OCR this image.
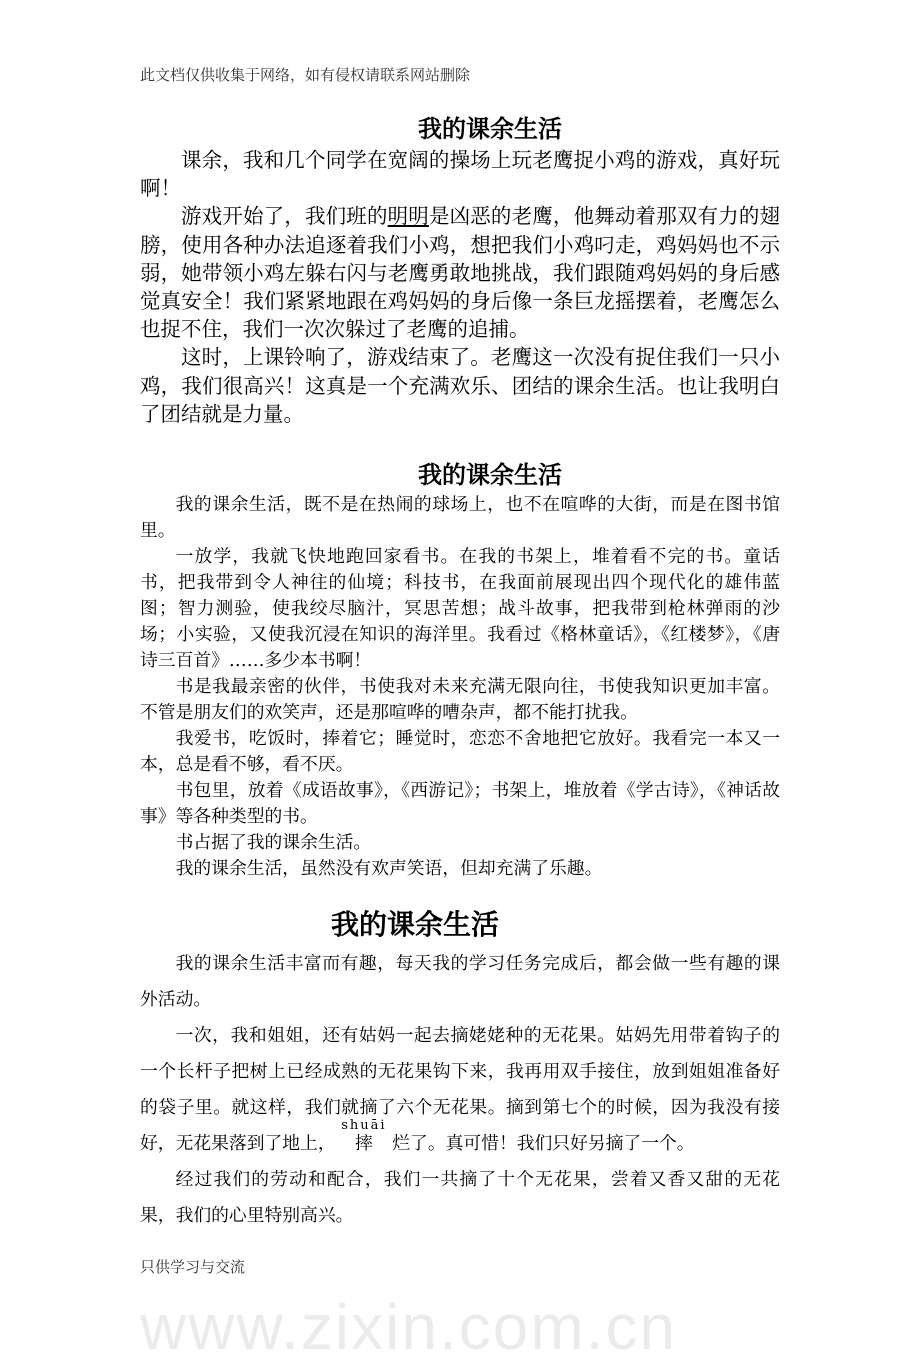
此文档仅供收集于网络，如有侵权请联系网站删除
我的课余生活

课余，我和几个同学在宽阔的操场上玩老鹰捉小鸡的游戏，真好玩啊！

游戏开始了，我们班的明明是凶恶的老鹰，他舞动着那双有力的翅膀，使用各种办法追逐着我们小鸡，想把我们小鸡叼走，鸡妈妈也不示弱，她带领小鸡左躲右闪与老鹰勇敢地挑战，我们跟随鸡妈妈的身后感觉真安全！我们紧紧地跟在鸡妈妈的身后像一条巨龙摇摆着，老鹰怎么也捉不住，我们一次次躲过了老鹰的追捕。

这时，上课铃响了，游戏结束了。老鹰这一次没有捉住我们一只小鸡，我们很高兴！这真是一个充满欢乐、团结的课余生活。也让我明白了团结就是力量。

我的课余生活

我的课余生活，既不是在热闹的球场上，也不在喧哗的大街，而是在图书馆里。

一放学，我就飞快地跑回家看书。在我的书架上，堆着看不完的书。童话书，把我带到令人神往的仙境；科技书，在我面前展现出四个现代化的雄伟蓝图；智力测验，使我绞尽脑汁，冥思苦想；战斗故事，把我带到枪林弹雨的沙场；小实验，又使我沉浸在知识的海洋里。我看过《格林童话》，《红楼梦》，《唐诗三百首》……多少本书啊！

书是我最亲密的伙伴，书使我对未来充满无限向往，书使我知识更加丰富。不管是朋友们的欢笑声，还是那喧哗的嘈杂声，都不能打扰我。

我爱书，吃饭时，捧着它；睡觉时，恋恋不舍地把它放好。我看完一本又一本，总是看不够，看不厌。

书包里，放着《成语故事》，《西游记》；书架上，堆放着《学古诗》，《神话故事》等各种类型的书。

书占据了我的课余生活。

我的课余生活，虽然没有欢声笑语，但却充满了乐趣。

我的课余生活

我的课余生活丰富而有趣，每天我的学习任务完成后，都会做一些有趣的课外活动。

一次，我和姐姐，还有姑妈一起去摘姥姥种的无花果。姑妈先用带着钩子的一个长杆子把树上已经成熟的无花果钩下来，我再用双手接住，放到姐姐准备好的袋子里。就这样，我们就摘了六个无花果。摘到第七个的时候，因为我没有接好，无花果落到了地上， 摔shuāi  烂了。真可惜！我们只好另摘了一个。

经过我们的劳动和配合，我们一共摘了十个无花果，尝着又香又甜的无花果，我们的心里特别高兴。

只供学习与交流
www.zixin.com.cn
